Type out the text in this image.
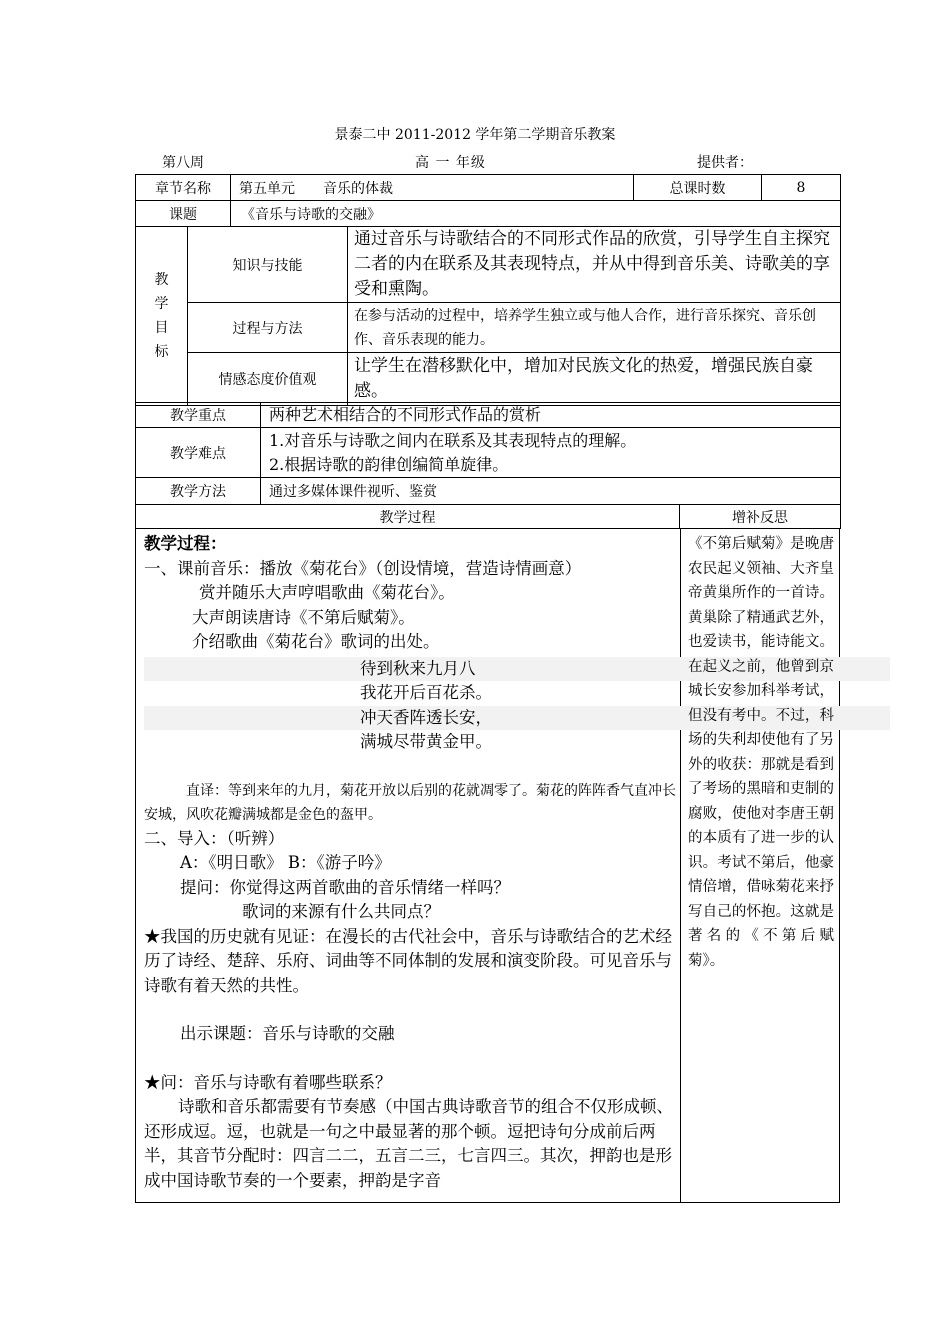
景泰二中 2011-2012 学年第二学期音乐教案
第八周	高 一 年级	提供者：
章节名称	第五单元　　音乐的体裁	总课时数	8
课题	《音乐与诗歌的交融》		
教
学
目
标	知识与技能	通过音乐与诗歌结合的不同形式作品的欣赏，引导学生自主探究二者的内在联系及其表现特点，并从中得到音乐美、诗歌美的享受和熏陶。
	过程与方法	在参与活动的过程中，培养学生独立或与他人合作，进行音乐探究、音乐创作、音乐表现的能力。
	情感态度价值观	让学生在潜移默化中，增加对民族文化的热爱，增强民族自豪感。
教学重点	两种艺术相结合的不同形式作品的赏析
教学难点	1.对音乐与诗歌之间内在联系及其表现特点的理解。
2.根据诗歌的韵律创编简单旋律。

教学方法	通过多媒体课件视听、鉴赏
教学过程	增补反思

教学过程：

一、课前音乐：播放《菊花台》（创设情境，营造诗情画意）

赏并随乐大声哼唱歌曲《菊花台》。

大声朗读唐诗《不第后赋菊》。

介绍歌曲《菊花台》歌词的出处。

待到秋来九月八

我花开后百花杀。

冲天香阵透长安，

满城尽带黄金甲。

直译：等到来年的九月，菊花开放以后别的花就凋零了。菊花的阵阵香气直冲长安城，风吹花瓣满城都是金色的盔甲。

二、导入：（听辨）

A：《明日歌》 B：《游子吟》

提问：你觉得这两首歌曲的音乐情绪一样吗？

歌词的来源有什么共同点？

★我国的历史就有见证：在漫长的古代社会中，音乐与诗歌结合的艺术经历了诗经、楚辞、乐府、词曲等不同体制的发展和演变阶段。可见音乐与诗歌有着天然的共性。

出示课题：音乐与诗歌的交融

★问：音乐与诗歌有着哪些联系？

诗歌和音乐都需要有节奏感（中国古典诗歌音节的组合不仅形成顿、还形成逗。逗，也就是一句之中最显著的那个顿。逗把诗句分成前后两半，其音节分配时：四言二二，五言二三，七言四三。其次，押韵也是形成中国诗歌节奏的一个要素，押韵是字音

《不第后赋菊》是晚唐农民起义领袖、大齐皇帝黄巢所作的一首诗。黄巢除了精通武艺外，也爱读书，能诗能文。在起义之前，他曾到京城长安参加科举考试，但没有考中。不过，科场的失利却使他有了另外的收获：那就是看到了考场的黑暗和吏制的腐败，使他对李唐王朝的本质有了进一步的认识。考试不第后，他豪情倍增，借咏菊花来抒写自己的怀抱。这就是著名的《不第后赋菊》。
